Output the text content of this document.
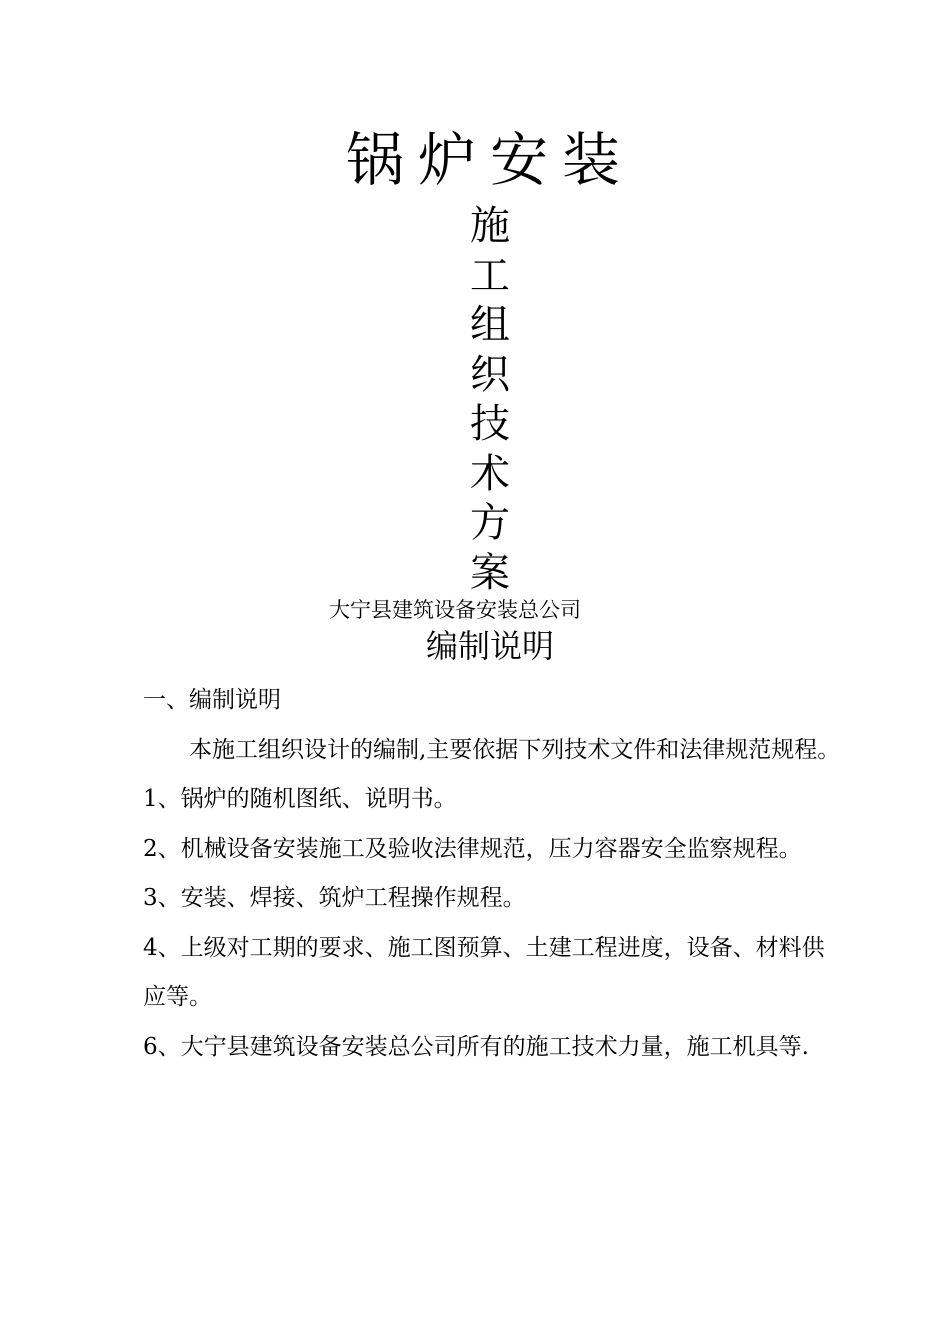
锅炉安装
施
工
组
织
技
术
方
案
大宁县建筑设备安装总公司
编制说明

一、编制说明

本施工组织设计的编制,主要依据下列技术文件和法律规范规程。

1、锅炉的随机图纸、说明书。

2、机械设备安装施工及验收法律规范，压力容器安全监察规程。

3、安装、焊接、筑炉工程操作规程。

4、上级对工期的要求、施工图预算、土建工程进度，设备、材料供应等。

6、大宁县建筑设备安装总公司所有的施工技术力量，施工机具等.
